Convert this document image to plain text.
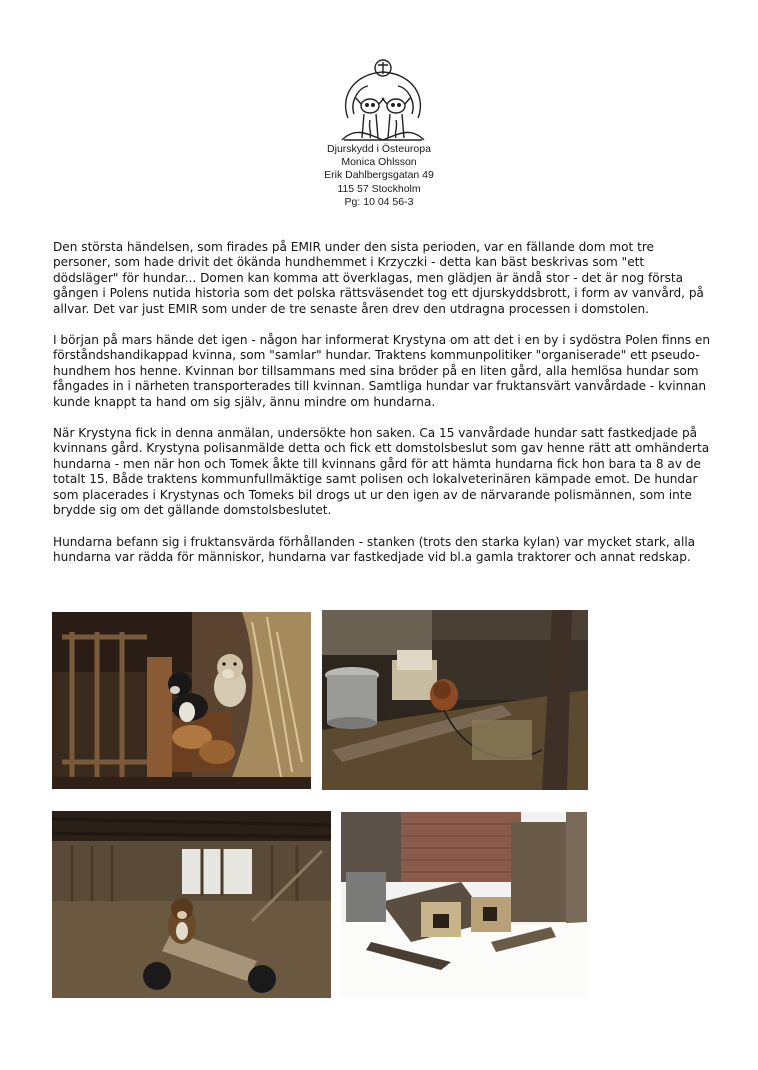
Djurskydd i Östeuropa
Monica Ohlsson
Erik Dahlbergsgatan 49
115 57 Stockholm
Pg: 10 04 56-3

Den största händelsen, som firades på EMIR under den sista perioden, var en fällande dom mot tre personer, som hade drivit det ökända hundhemmet i Krzyczki - detta kan bäst beskrivas som "ett dödsläger" för hundar... Domen kan komma att överklagas, men glädjen är ändå stor - det är nog första gången i Polens nutida historia som det polska rättsväsendet tog ett djurskyddsbrott, i form av vanvård, på allvar. Det var just EMIR som under de tre senaste åren drev den utdragna processen i domstolen.

I början på mars hände det igen - någon har informerat Krystyna om att det i en by i sydöstra Polen finns en förståndshandikappad kvinna, som "samlar" hundar. Traktens kommunpolitiker "organiserade" ett pseudo-hundhem hos henne. Kvinnan bor tillsammans med sina bröder på en liten gård, alla hemlösa hundar som fångades in i närheten transporterades till kvinnan. Samtliga hundar var fruktansvärt vanvårdade - kvinnan kunde knappt ta hand om sig själv, ännu mindre om hundarna.

När Krystyna fick in denna anmälan, undersökte hon saken. Ca 15 vanvårdade hundar satt fastkedjade på kvinnans gård. Krystyna polisanmälde detta och fick ett domstolsbeslut som gav henne rätt att omhänderta hundarna - men när hon och Tomek åkte till kvinnans gård för att hämta hundarna fick hon bara ta 8 av de totalt 15. Både traktens kommunfullmäktige samt polisen och lokalveterinären kämpade emot. De hundar som placerades i Krystynas och Tomeks bil drogs ut ur den igen av de närvarande polismännen, som inte brydde sig om det gällande domstolsbeslutet.

Hundarna befann sig i fruktansvärda förhållanden - stanken (trots den starka kylan) var mycket stark, alla hundarna var rädda för människor, hundarna var fastkedjade vid bl.a gamla traktorer och annat redskap.
